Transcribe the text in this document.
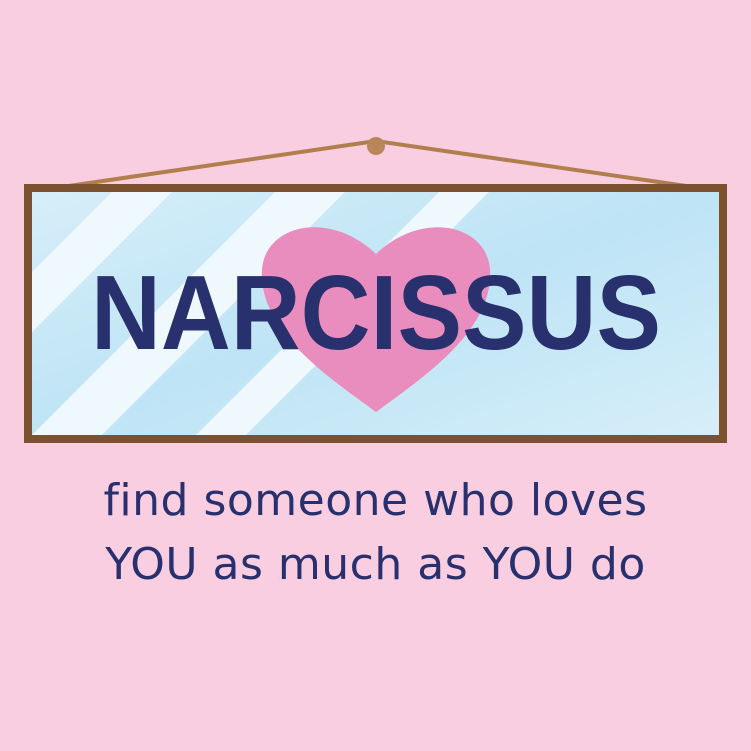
NARCISSUS
find someone who loves
YOU as much as YOU do
